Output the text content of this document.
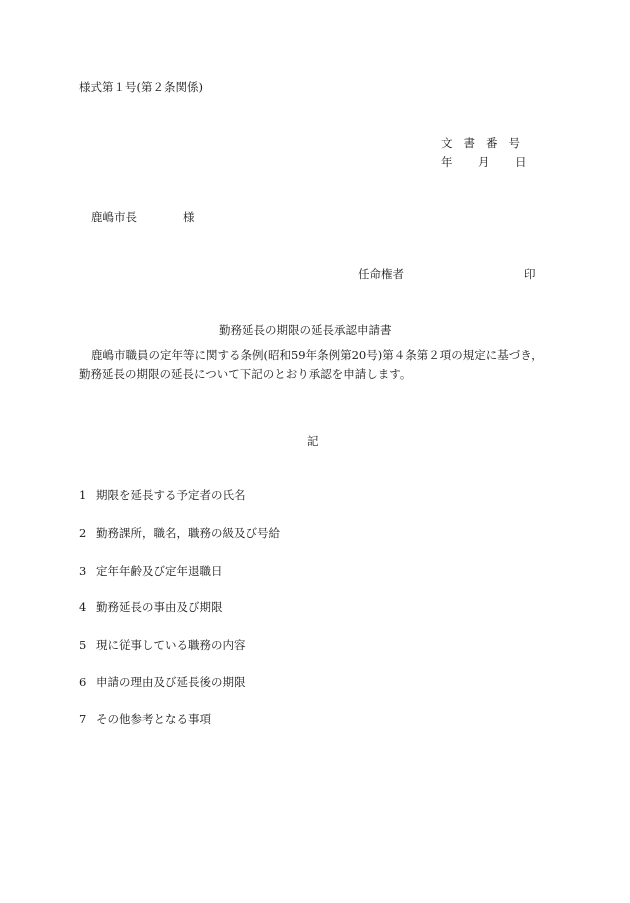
様式第１号(第２条関係)
文書番号
年 月 日
鹿嶋市長	様
任命権者	印
勤務延長の期限の延長承認申請書
鹿嶋市職員の定年等に関する条例(昭和59年条例第20号)第４条第２項の規定に基づき，
勤務延長の期限の延長について下記のとおり承認を申請します。
記
1 期限を延長する予定者の氏名
2 勤務課所，職名，職務の級及び号給
3 定年年齢及び定年退職日
4 勤務延長の事由及び期限
5 現に従事している職務の内容
6 申請の理由及び延長後の期限
7 その他参考となる事項
